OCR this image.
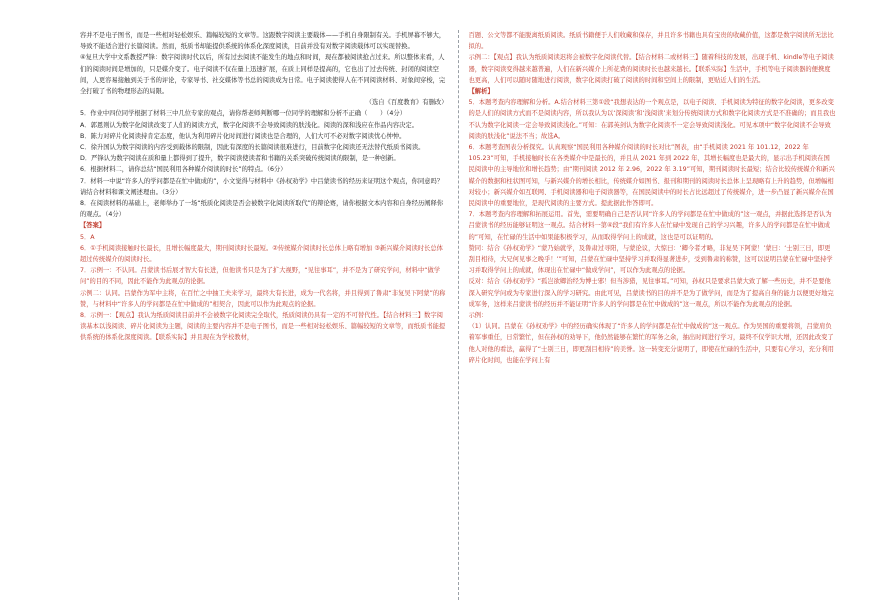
容并不是电子图书，而是一些相对轻松娱乐、篇幅较短的文章等。这跟数字阅读主要载体——手机自身限制有关。手机屏幕不够大，导致不能适合进行长篇阅读。然而，纸质书却能提供系统的体系化深度阅读，目前并没有对数字阅读载体可以实现替换。

④复旦大学中文系教授严锋：数字阅读时代以后，所有过去阅读不能发生的地点和时间，现在都被阅读抢占过来。所以整体来看，人们的阅读时间是增加的，只是媒介变了。电子阅读不仅在量上迅速扩展，在质上同样是提高的，它也出了过去传统、封闭的阅读空间，人更容易接触到关于书的评论，专家导书、社交媒体等书总的阅读成为日常。电子阅读使得人在不同阅读材料、对象间穿梭，完全打破了书的物理形态的局限。

（选自《百度教育》有删改）

5．作业中四位同学根据了材料三中几位专家的观点，请你帮老师判断哪一位同学的理解和分析不正确（　　）（4分）

A．郭恩则认为数字化阅读改变了人们的阅读方式，数字化阅读不会导致阅读的肤浅化。阅读的深和浅应在作品内容决定。

B．陈力对碎片化阅读持肯定态度，他认为利用碎片化时间进行阅读也是合理的，人们大可不必对数字阅读忧心忡忡。

C．徐升国认为数字阅读的内容受到载体的限制，因此有深度的长篇阅读很难进行，目前数字化阅读还无法替代纸质书阅读。

D．严锋认为数字阅读在质和量上都得到了提升，数字阅读使读者和书籍的关系突破传统阅读的限制，是一种创新。

6．根据材料二，请你总结“国民利用各种媒介阅读的时长”的特点。（6分）

7．材料一中说“许多人的学问都是在忙中做成的”，小文觉得与材料中《孙权劝学》中吕蒙读书的经历来证明这个观点，你同意吗？请结合材料和课文阐述理由。（3分）

8．在阅读材料的基础上，老师举办了一场“纸质化阅读是否会被数字化阅读所取代”的辩论赛，请你根据文本内容和自身经历阐释你的观点。（4分）

【答案】

5．A

6．①手机阅读接触时长最长，且增长幅度最大，期刊阅读时长最短。②传统媒介阅读时长总体上略有增加 ③新兴媒介阅读时长总体超过传统媒介的阅读时长。

7．示例一：不认同。吕蒙读书后展才智大有长进，但他读书只是为了扩大视野，“见往事耳”，并不是为了研究学问，材料中“做学问”的目的不同，因此不能作为此观点的论据。

示例二：认同。吕蒙作为军中主将，在百忙之中抽工夫来学习，最终大有长进，成为一代名将，并且得到了鲁肃“非复吴下阿蒙”的称赞，与材料中“许多人的学问都是在忙中做成的”相契合，因此可以作为此观点的论据。

8．示例一：【观点】我认为纸质阅读目前并不会被数字化阅读完全取代，纸质阅读仍具有一定的不可替代性。【结合材料三】数字阅读基本以浅阅读、碎片化阅读为主题，阅读的主要内容并不是电子图书，而是一些相对轻松娱乐、篇幅较短的文章等，而纸质书能提供系统的体系化深度阅读。【联系实际】并且现在为学校教材，

百题、公文等都不能脱离纸质阅读。纸质书籍便于人们收藏和保存，并且许多书籍也具有宝贵的收藏价值，这都是数字阅读所无法比拟的。

示例二：【观点】我认为纸质阅读迟将会被数字化阅读代替。【结合材料二或材料三】随着科技的发展，出现手机、kindle等电子阅读器，数字阅读变得越来越普遍，人们在新兴媒介上所花费的阅读时长也越来越长。【联系实际】生活中，手机等电子阅读器的便携度也更高，人们可以随时随地进行阅读，数字化阅读打破了阅读的时间和空间上的限制，更贴近人们的生活。

【解析】

5．本题考查内容理解和分析。A.结合材料三第①段“我想表达的一个观点是，以电子阅读、手机阅读为特征的数字化阅读，更多改变的是人们的阅读方式而不是阅读内容，所以我认为以‘深阅读’和‘浅阅读’来划分传统阅读方式和数字化阅读方式是不准确的；而且我也不认为数字化阅读一定会导致阅读浅化。”可知：在郭英剑认为数字化阅读不一定会导致阅读浅化。可见本项中“数字化阅读不会导致阅读的肤浅化”说法不当；故选A。

6．本题考查图表分析探究。认真观察“国民利用各种媒介阅读的时长对比”图表，由“手机阅读 2021 年 101.12，2022 年 105.23”可知，手机接触时长在各类媒介中是最长的，并且从 2021 年到 2022 年，其增长幅度也是最大的，显示出手机阅读在国民阅读中的主导地位和增长趋势；由“期刊阅读 2012 年 2.96，2022 年 3.19”可知，期刊阅读时长最短；结合比较传统媒介和新兴媒介的数据和柱状图可知，与新兴媒介的增长相比，传统媒介如图书、报刊和期刊的阅读时长总体上呈现略有上升的趋势，但增幅相对较小；新兴媒介如互联网、手机阅读器和电子阅读器等，在国民阅读中的时长占比远超过了传统媒介，进一步凸显了新兴媒介在国民阅读中的重要地位，是现代阅读的主要方式。提此据此作答即可。

7．本题考查内容理解和拓展运用。首先，需要明确自己是否认同“许多人的学问都是在忙中做成的”这一观点，并据此选择是否认为吕蒙读书的经历能够证明这一观点。结合材料一第④段“我们有许多人在忙碌中发现自己的学习兴趣，许多人的学问都是在忙中做成的”可知，在忙碌的生活中如果能积极学习，从而取得学问上的成就，这也是可以证明的。

赞同：结合《孙权劝学》“蒙乃始就学，及鲁肃过寻阳，与蒙论议，大惊曰：‘卿今者才略，非复吴下阿蒙！’蒙曰：‘士别三日，即更刮目相待，大兄何见事之晚乎！’”可知，吕蒙在忙碌中坚持学习并取得显著进步，受到鲁肃的称赞，这可以说明吕蒙在忙碌中坚持学习并取得学问上的成就，体现出在忙碌中“做成学问”，可以作为此观点的论据。

反对：结合《孙权劝学》“孤岂欲卿治经为博士邪！但当涉猎，见往事耳。”可知，孙权只是要求吕蒙大致了解一些历史，并不是要他深入研究学问或为专家进行深入的学习研究。由此可见，吕蒙读书的目的并不是为了做学问，而是为了提高自身的能力以便更好地完成军务，这样来吕蒙读书的经历并不能证明“许多人的学问都是在忙中做成的”这一观点，所以不能作为此观点的论据。

示例：

（1）认同。吕蒙在《孙权劝学》中的经历确实体现了“许多人的学问都是在忙中做成的”这一观点。作为吴国的重要将领，吕蒙肩负着军事重任，日常繁忙，但在孙权的劝导下，他仍然能够在繁忙的军务之余，抽出时间进行学习，最终不仅学识大增，还因此改变了他人对他的看法，赢得了“士别三日，即更刮目相待”的美誉。这一转变充分说明了，即使在忙碌的生活中，只要有心学习，充分利用碎片化时间，也能在学问上有
